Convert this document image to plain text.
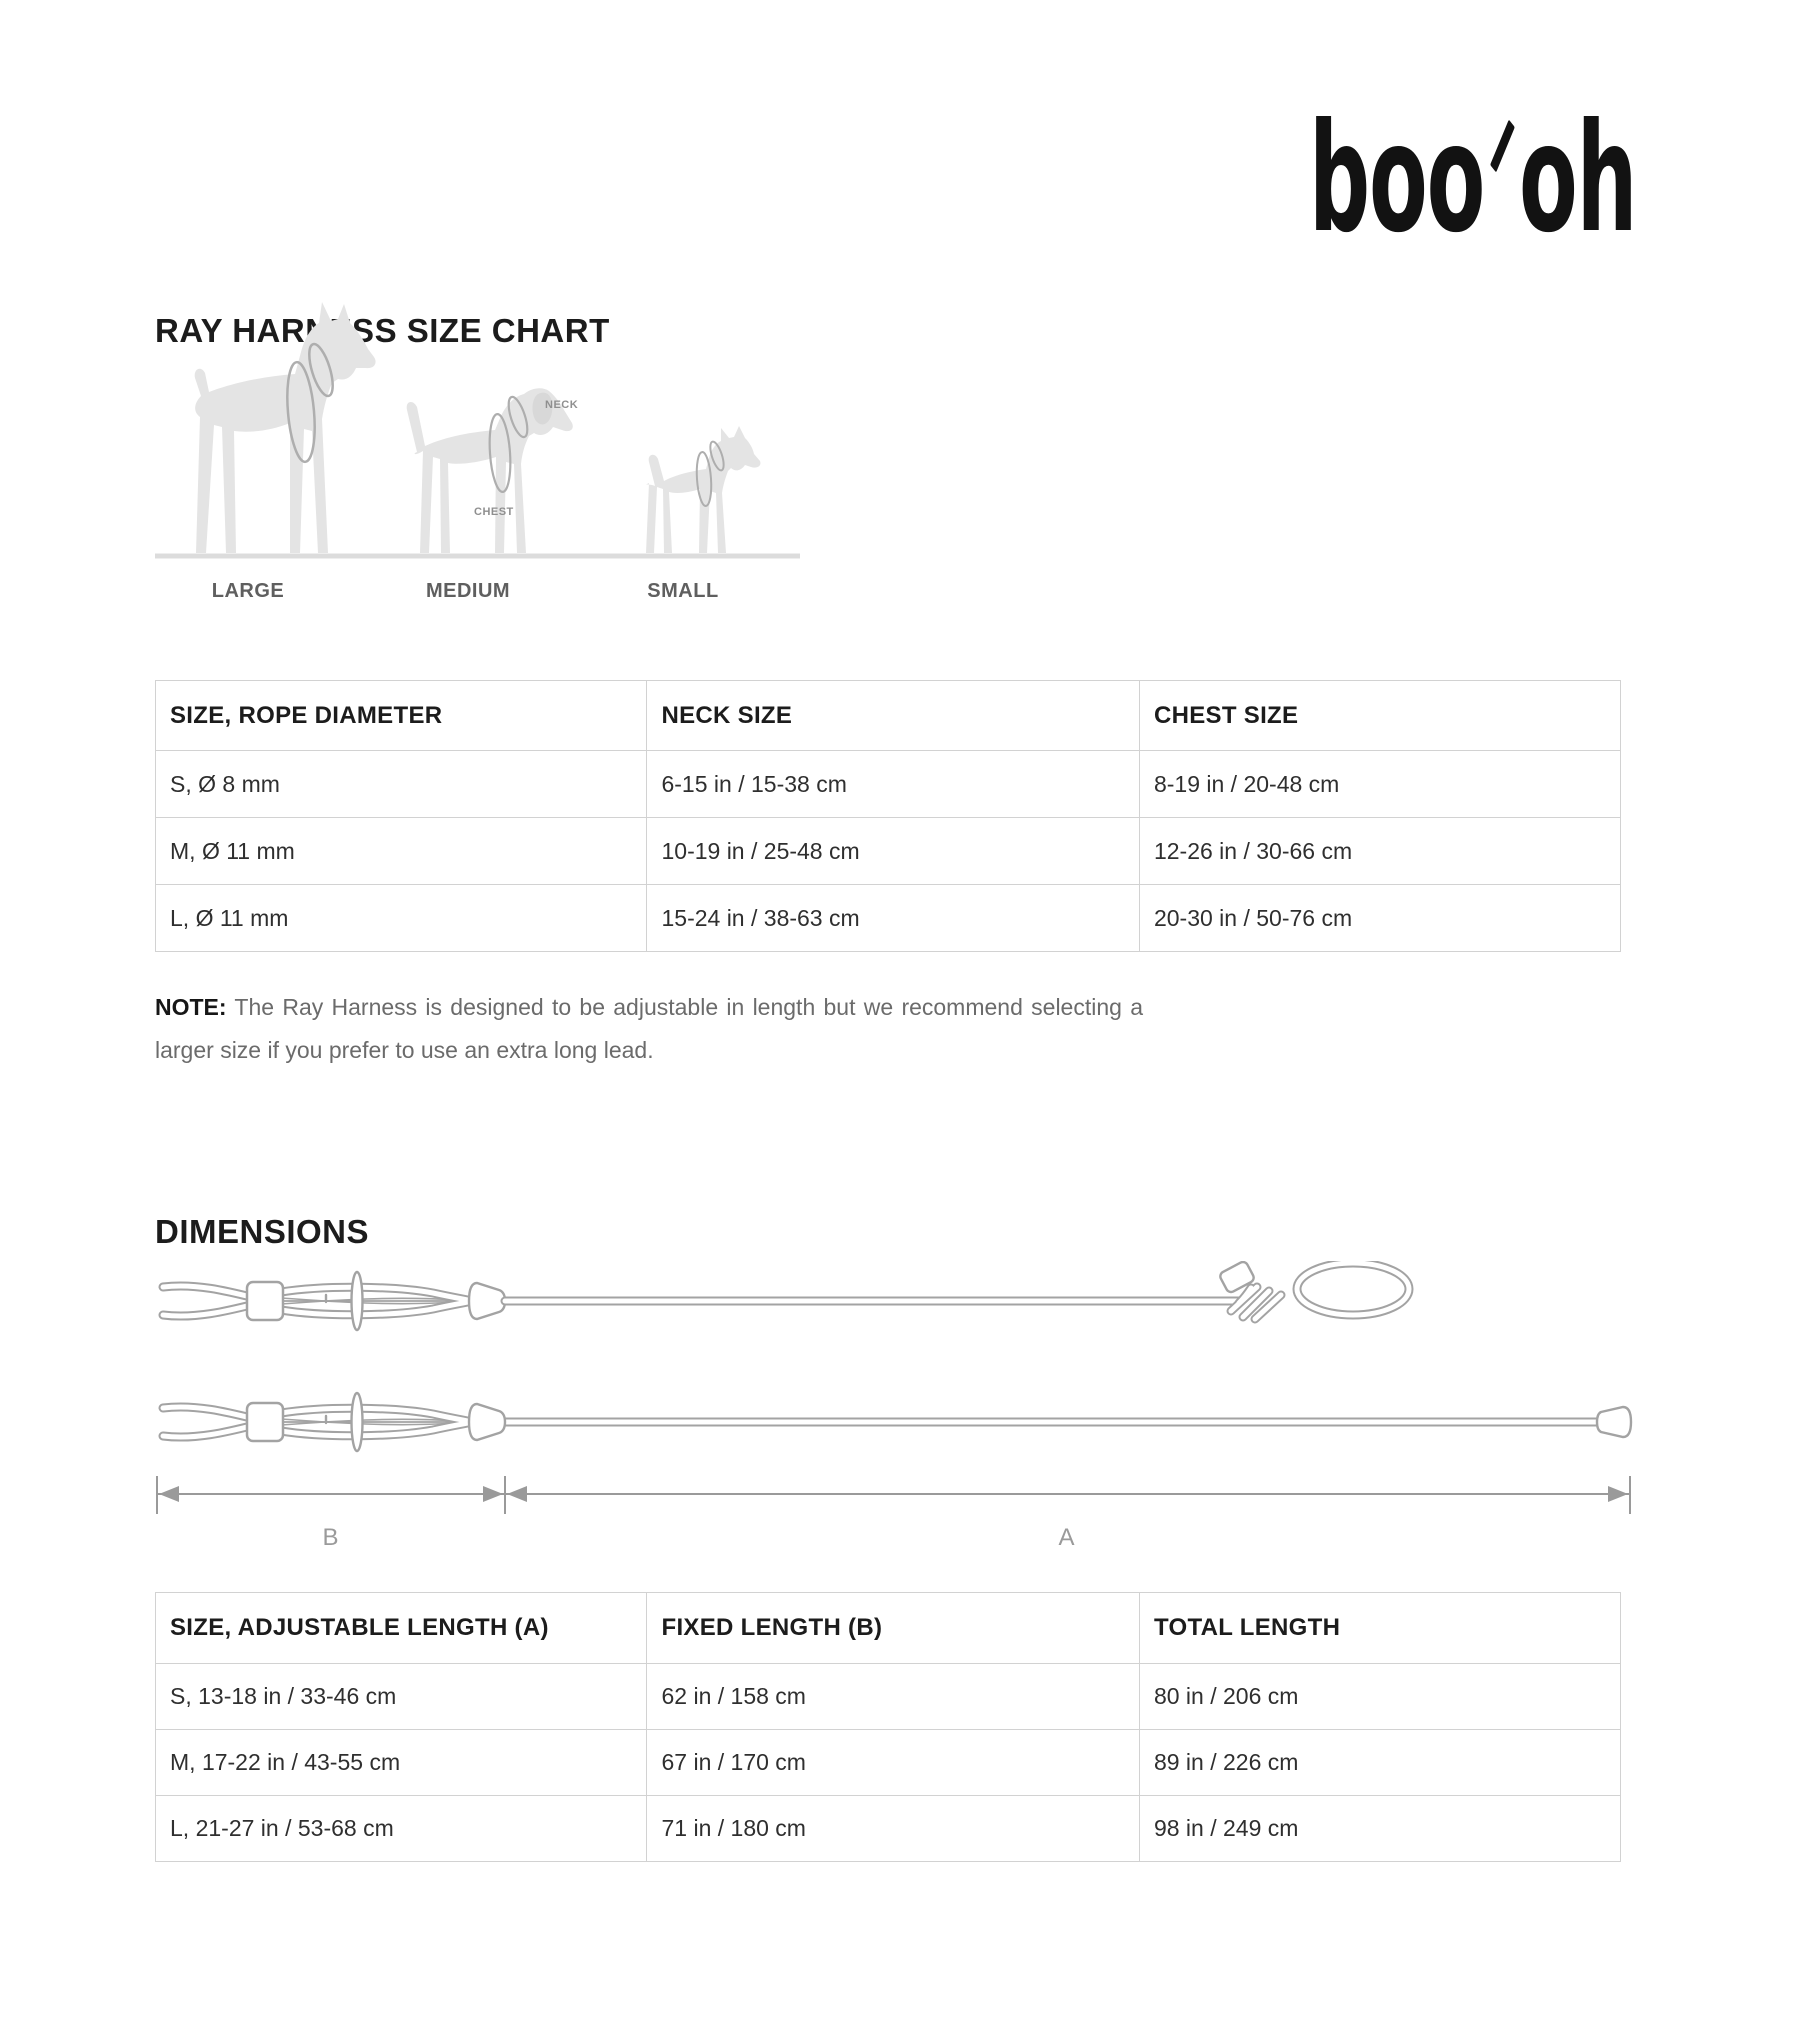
boo oh
RAY HARNESS SIZE CHART
NECK
CHEST
LARGE	MEDIUM	SMALL
SIZE, ROPE DIAMETER	NECK SIZE	CHEST SIZE
S, Ø 8 mm	6-15 in / 15-38 cm	8-19 in / 20-48 cm
M, Ø 11 mm	10-19 in / 25-48 cm	12-26 in / 30-66 cm
L, Ø 11 mm	15-24 in / 38-63 cm	20-30 in / 50-76 cm

NOTE: The Ray Harness is designed to be adjustable in length but we recommend selecting a larger size if you prefer to use an extra long lead.

DIMENSIONS
B	A
SIZE, ADJUSTABLE LENGTH (A)	FIXED LENGTH (B)	TOTAL LENGTH
S, 13-18 in / 33-46 cm	62 in / 158 cm	80 in / 206 cm
M, 17-22 in / 43-55 cm	67 in / 170 cm	89 in / 226 cm
L, 21-27 in / 53-68 cm	71 in / 180 cm	98 in / 249 cm
